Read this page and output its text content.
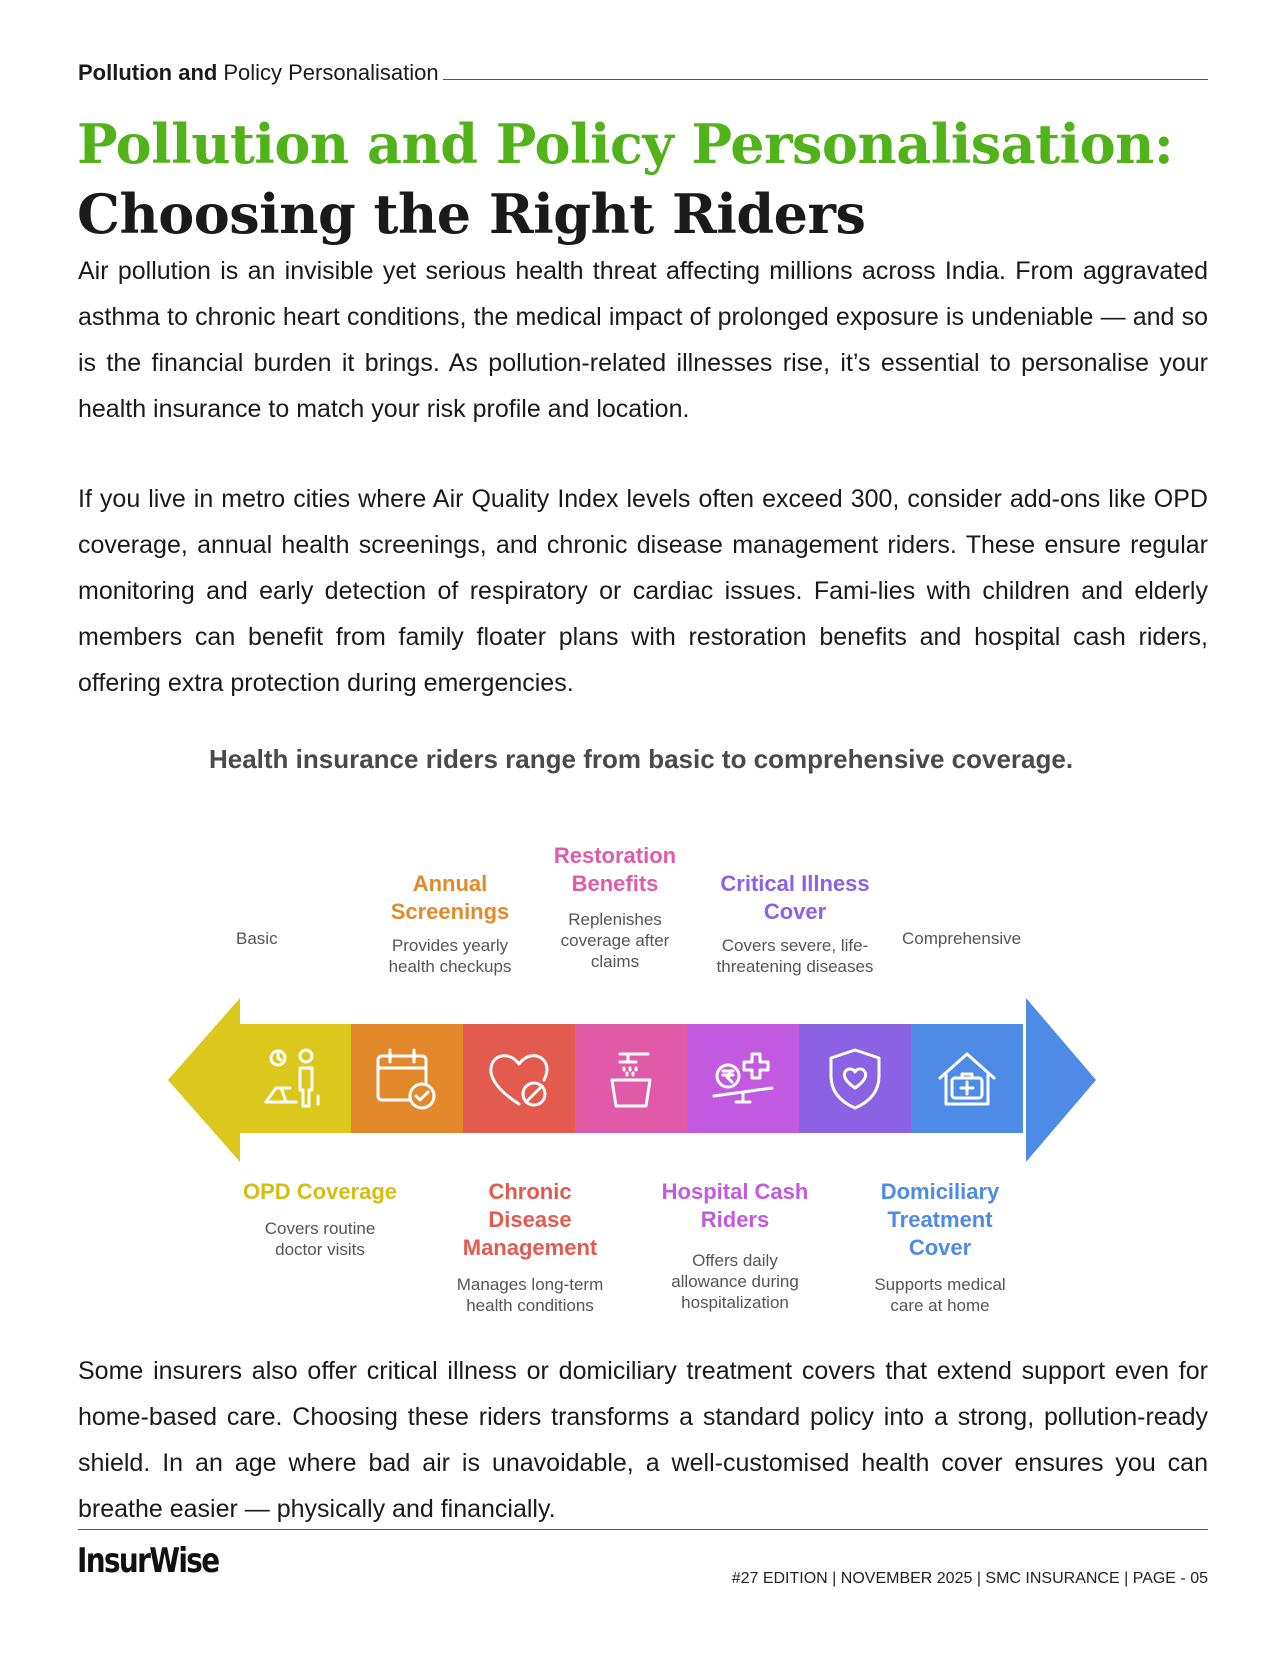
Pollution and Policy Personalisation
Pollution and Policy Personalisation:
Choosing the Right Riders

Air pollution is an invisible yet serious health threat affecting millions across India. From aggravated asthma to chronic heart conditions, the medical impact of prolonged exposure is undeniable — and so is the financial burden it brings. As pollution-related illnesses rise, it’s essential to personalise your health insurance to match your risk profile and location.

If you live in metro cities where Air Quality Index levels often exceed 300, consider add-ons like OPD coverage, annual health screenings, and chronic disease management riders. These ensure regular monitoring and early detection of respiratory or cardiac issues. Fami-lies with children and elderly members can benefit from family floater plans with restoration benefits and hospital cash riders, offering extra protection during emergencies.

Health insurance riders range from basic to comprehensive coverage.
Basic	Comprehensive
Annual
Screenings
Provides yearly
health checkups
Restoration
Benefits
Replenishes
coverage after
claims
Critical Illness
Cover
Covers severe, life-
threatening diseases
OPD Coverage
Covers routine doctor visits
Chronic
Disease
Management
Manages long-term
health conditions
Hospital Cash
Riders
Offers daily
allowance during
hospitalization
Domiciliary
Treatment
Cover
Supports medical
care at home

Some insurers also offer critical illness or domiciliary treatment covers that extend support even for home-based care. Choosing these riders transforms a standard policy into a strong, pollution-ready shield. In an age where bad air is unavoidable, a well-customised health cover ensures you can breathe easier — physically and financially.

InsurWise	#27 EDITION | NOVEMBER 2025 | SMC INSURANCE | PAGE - 05
